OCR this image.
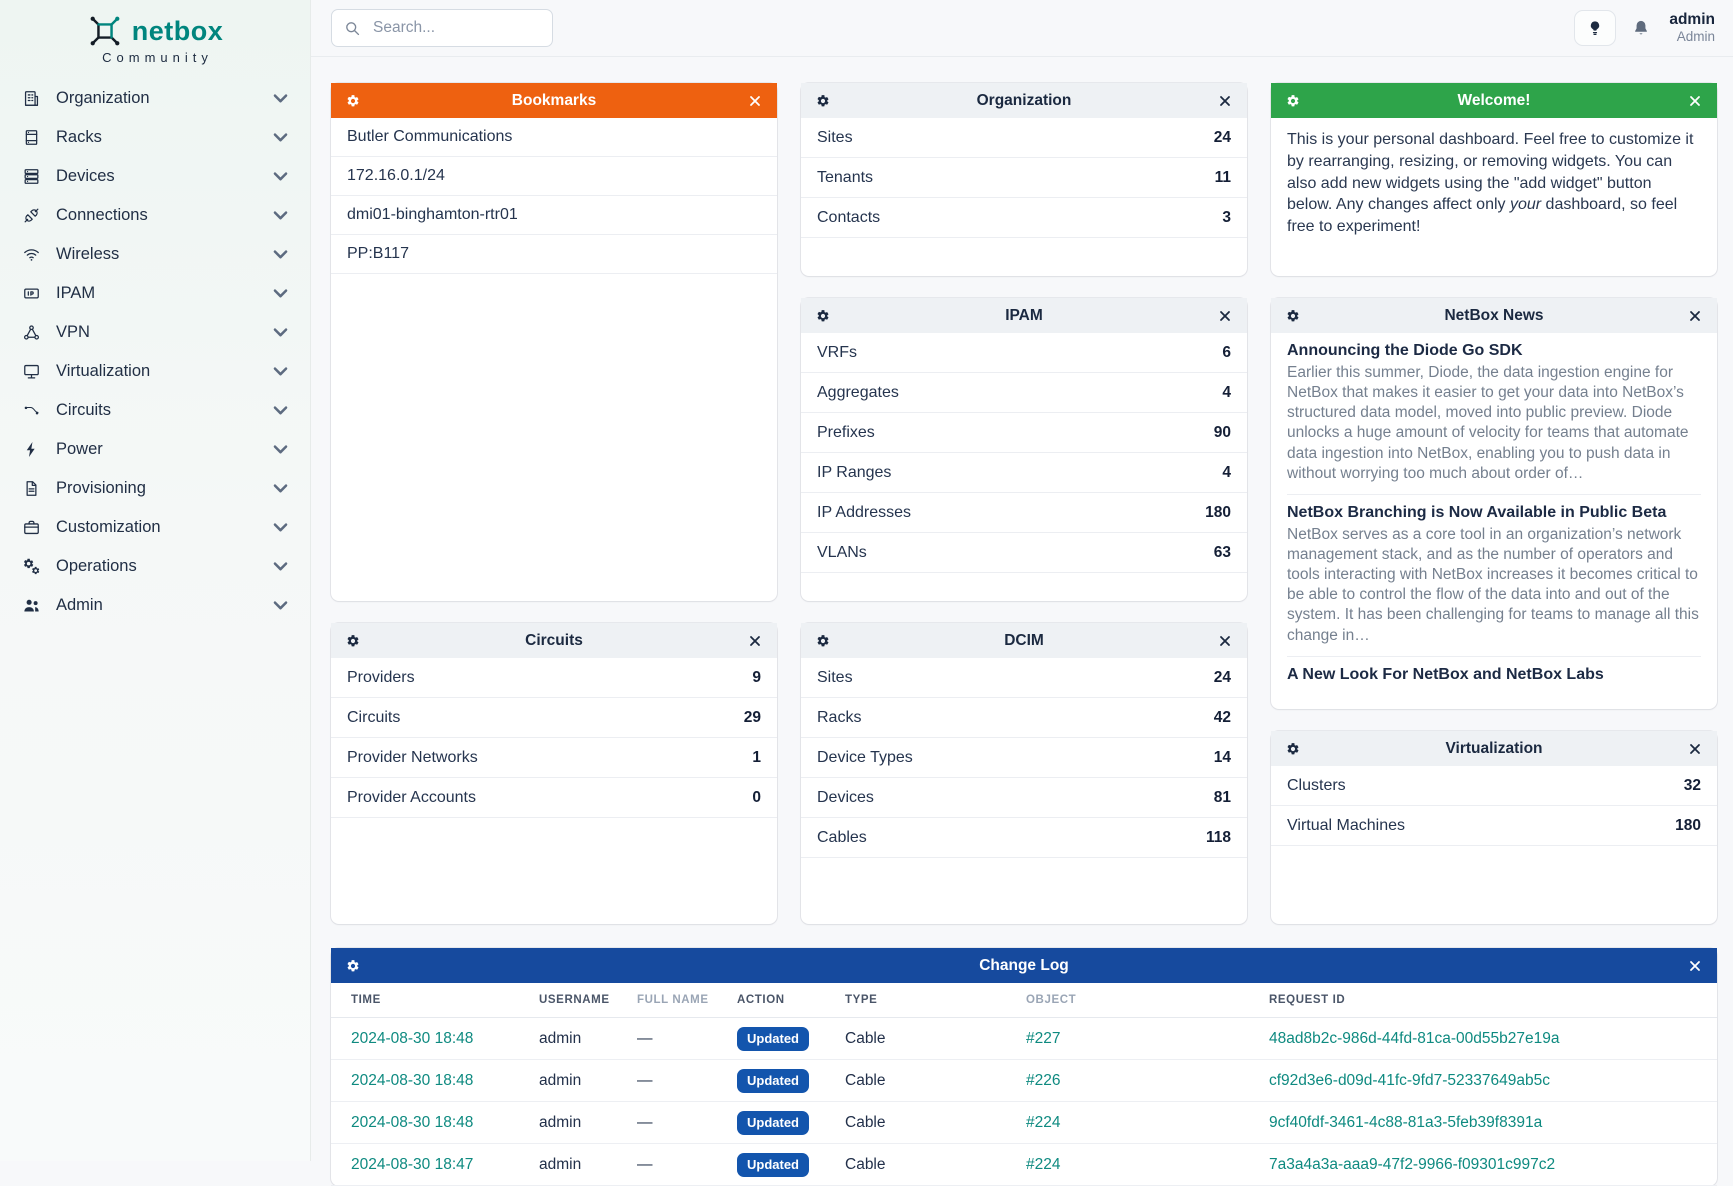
netbox
Community
Organization
Racks
Devices
Connections
Wireless
IPAM
VPN
Virtualization
Circuits
Power
Provisioning
Customization
Operations
Admin
Search...
admin
Admin
Bookmarks
Butler Communications
172.16.0.1/24
dmi01-binghamton-rtr01
PP:B117
Circuits
Providers	9
Circuits	29
Provider Networks	1
Provider Accounts	0
Organization
Sites	24
Tenants	11
Contacts	3
IPAM
VRFs	6
Aggregates	4
Prefixes	90
IP Ranges	4
IP Addresses	180
VLANs	63
DCIM
Sites	24
Racks	42
Device Types	14
Devices	81
Cables	118
Welcome!
This is your personal dashboard. Feel free to customize it by rearranging, resizing, or removing widgets. You can also add new widgets using the "add widget" button below. Any changes affect only your dashboard, so feel free to experiment!
NetBox News
Announcing the Diode Go SDK
Earlier this summer, Diode, the data ingestion engine for NetBox that makes it easier to get your data into NetBox’s structured data model, moved into public preview. Diode unlocks a huge amount of velocity for teams that automate data ingestion into NetBox, enabling you to push data in without worrying too much about order of…
NetBox Branching is Now Available in Public Beta
NetBox serves as a core tool in an organization’s network management stack, and as the number of operators and tools interacting with NetBox increases it becomes critical to be able to control the flow of the data into and out of the system. It has been challenging for teams to manage all this change in…
A New Look For NetBox and NetBox Labs
Virtualization
Clusters	32
Virtual Machines	180
Change Log
TIME	USERNAME	FULL NAME	ACTION	TYPE	OBJECT	REQUEST ID
2024-08-30 18:48	admin	—	Updated	Cable	#227	48ad8b2c-986d-44fd-81ca-00d55b27e19a
2024-08-30 18:48	admin	—	Updated	Cable	#226	cf92d3e6-d09d-41fc-9fd7-52337649ab5c
2024-08-30 18:48	admin	—	Updated	Cable	#224	9cf40fdf-3461-4c88-81a3-5feb39f8391a
2024-08-30 18:47	admin	—	Updated	Cable	#224	7a3a4a3a-aaa9-47f2-9966-f09301c997c2
